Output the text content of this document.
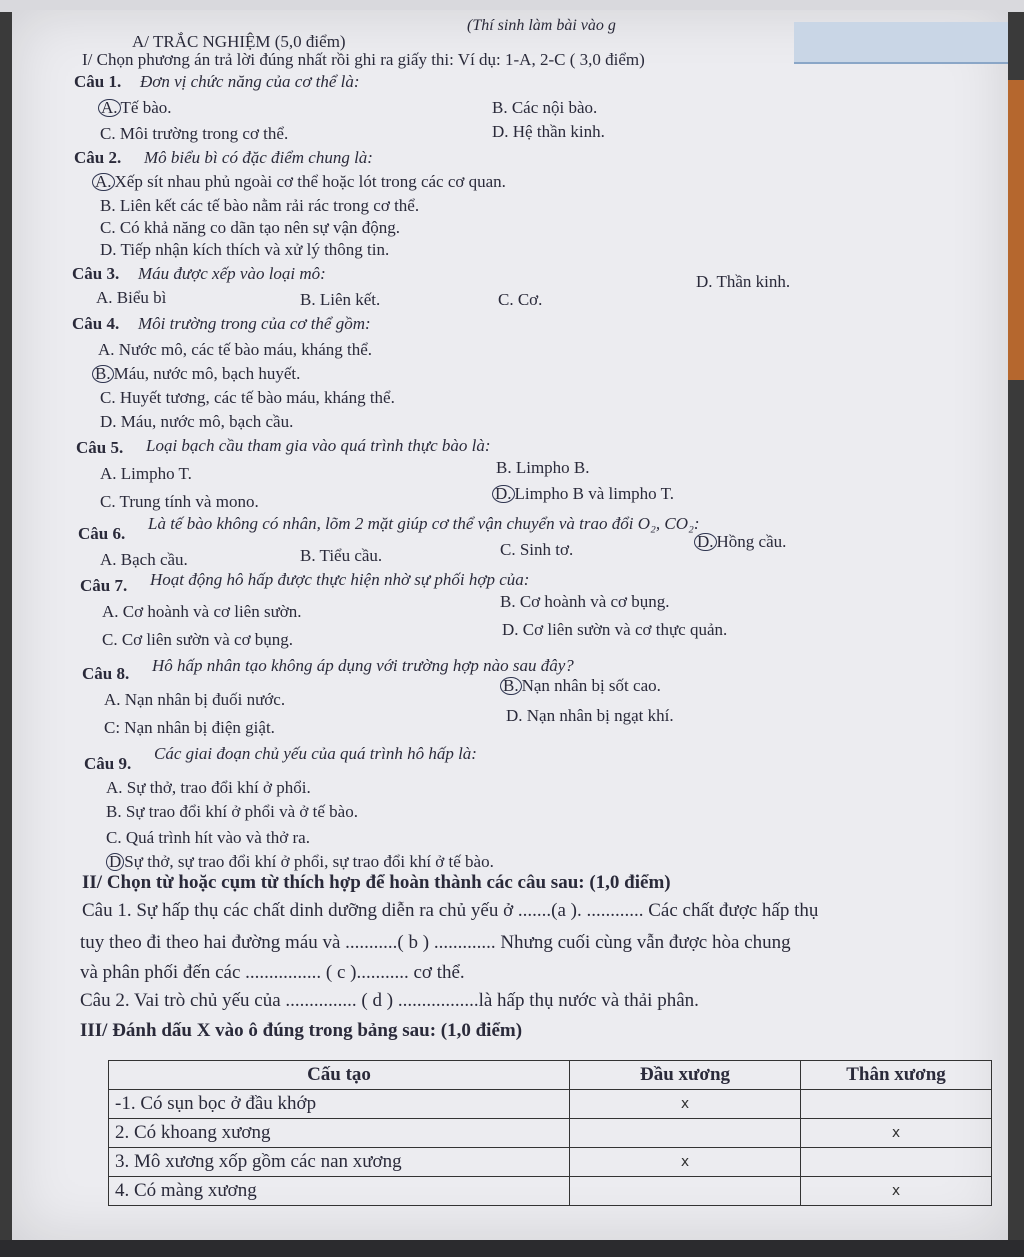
(Thí sinh làm bài vào g
A/ TRẮC NGHIỆM (5,0 điểm)
I/ Chọn phương án trả lời đúng nhất rồi ghi ra giấy thi: Ví dụ: 1-A, 2-C ( 3,0 điểm)
Câu 1. Đơn vị chức năng của cơ thể là:
A. Tế bào.	B. Các nội bào.
C. Môi trường trong cơ thể.	D. Hệ thần kinh.
Câu 2. Mô biểu bì có đặc điểm chung là:
A. Xếp sít nhau phủ ngoài cơ thể hoặc lót trong các cơ quan.
B. Liên kết các tế bào nằm rải rác trong cơ thể.
C. Có khả năng co dãn tạo nên sự vận động.
D. Tiếp nhận kích thích và xử lý thông tin.
Câu 3. Máu được xếp vào loại mô:
A. Biểu bì	B. Liên kết.	C. Cơ.
D. Thần kinh.
Câu 4. Môi trường trong của cơ thể gồm:
A. Nước mô, các tế bào máu, kháng thể.
B. Máu, nước mô, bạch huyết.
C. Huyết tương, các tế bào máu, kháng thể.
D. Máu, nước mô, bạch cầu.
Câu 5. Loại bạch cầu tham gia vào quá trình thực bào là:
A. Limpho T.	B. Limpho B.
C. Trung tính và mono.	D. Limpho B và limpho T.
Câu 6.
Là tế bào không có nhân, lõm 2 mặt giúp cơ thể vận chuyển và trao đổi O₂, CO₂:
A. Bạch cầu.	B. Tiểu cầu.	C. Sinh tơ.	D. Hồng cầu.
Câu 7. Hoạt động hô hấp được thực hiện nhờ sự phối hợp của:
A. Cơ hoành và cơ liên sườn.
B. Cơ hoành và cơ bụng.
C. Cơ liên sườn và cơ bụng.
D. Cơ liên sườn và cơ thực quản.
Câu 8. Hô hấp nhân tạo không áp dụng với trường hợp nào sau đây?
A. Nạn nhân bị đuối nước.
B. Nạn nhân bị sốt cao.
C: Nạn nhân bị điện giật.
D. Nạn nhân bị ngạt khí.
Câu 9.
Các giai đoạn chủ yếu của quá trình hô hấp là:
A. Sự thở, trao đổi khí ở phổi.
B. Sự trao đổi khí ở phổi và ở tế bào.
C. Quá trình hít vào và thở ra.
D Sự thở, sự trao đổi khí ở phổi, sự trao đổi khí ở tế bào.
II/ Chọn từ hoặc cụm từ thích hợp để hoàn thành các câu sau: (1,0 điểm)
Câu 1. Sự hấp thụ các chất dinh dưỡng diễn ra chủ yếu ở .......(a ). ............ Các chất được hấp thụ
tuy theo đi theo hai đường máu và ...........( b ) ............. Nhưng cuối cùng vẫn được hòa chung
và phân phối đến các ................ ( c )........... cơ thể.
Câu 2. Vai trò chủ yếu của ............... ( d ) .................là hấp thụ nước và thải phân.
III/ Đánh dấu X vào ô đúng trong bảng sau: (1,0 điểm)
Cấu tạo	Đầu xương	Thân xương
-1. Có sụn bọc ở đầu khớp	x	
2. Có khoang xương		x
3. Mô xương xốp gồm các nan xương	x	
4. Có màng xương		x
